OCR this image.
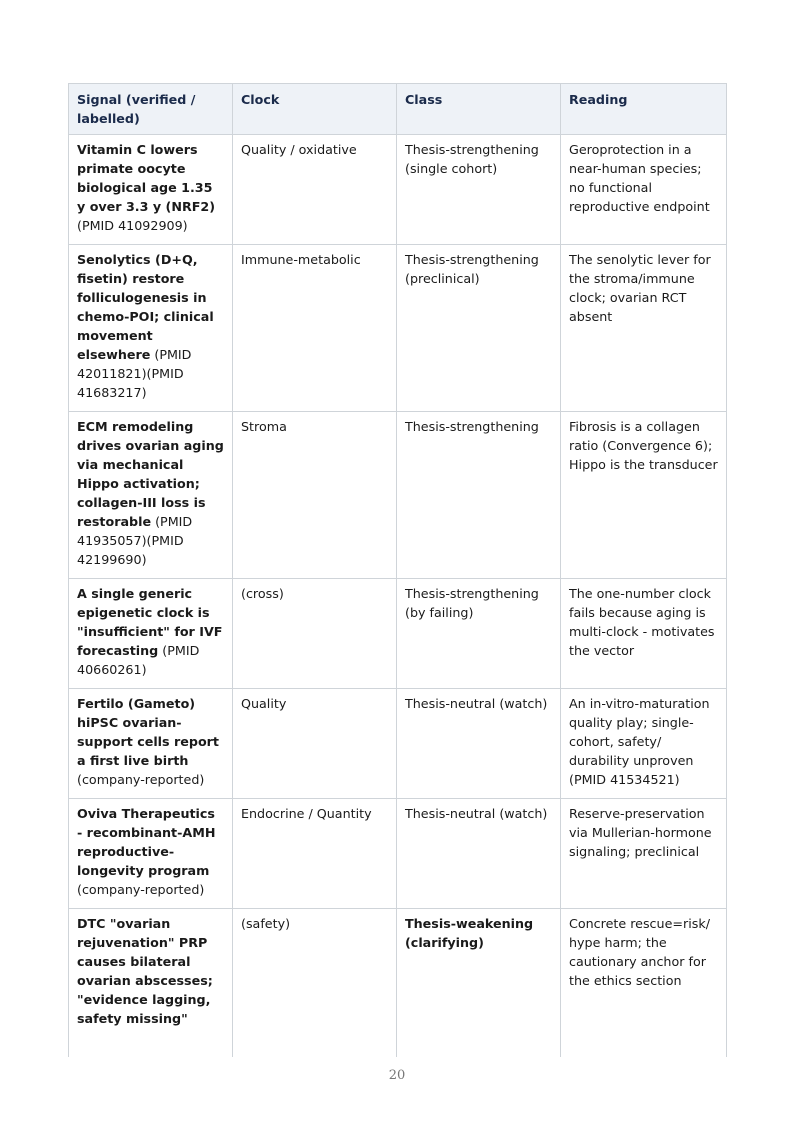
Signal (verified / labelled)	Clock	Class	Reading
Vitamin C lowers primate oocyte biological age 1.35 y over 3.3 y (NRF2) (PMID 41092909)	Quality / oxidative	Thesis-strengthening (single cohort)	Geroprotection in a near-human species; no functional reproductive endpoint
Senolytics (D+Q, fisetin) restore folliculogenesis in chemo-POI; clinical movement elsewhere (PMID 42011821)(PMID 41683217)	Immune-metabolic	Thesis-strengthening (preclinical)	The senolytic lever for the stroma/immune clock; ovarian RCT absent
ECM remodeling drives ovarian aging via mechanical Hippo activation; collagen-III loss is restorable (PMID 41935057)(PMID 42199690)	Stroma	Thesis-strengthening	Fibrosis is a collagen ratio (Convergence 6); Hippo is the transducer
A single generic epigenetic clock is "insufficient" for IVF forecasting (PMID 40660261)	(cross)	Thesis-strengthening (by failing)	The one-number clock fails because aging is multi-clock - motivates the vector
Fertilo (Gameto) hiPSC ovarian-support cells report a first live birth (company-reported)	Quality	Thesis-neutral (watch)	An in-vitro-maturation quality play; single-cohort, safety/ durability unproven (PMID 41534521)
Oviva Therapeutics - recombinant-AMH reproductive-longevity program (company-reported)	Endocrine / Quantity	Thesis-neutral (watch)	Reserve-preservation via Mullerian-hormone signaling; preclinical
DTC "ovarian rejuvenation" PRP causes bilateral ovarian abscesses; "evidence lagging, safety missing"	(safety)	Thesis-weakening (clarifying)	Concrete rescue=risk/ hype harm; the cautionary anchor for the ethics section
20
